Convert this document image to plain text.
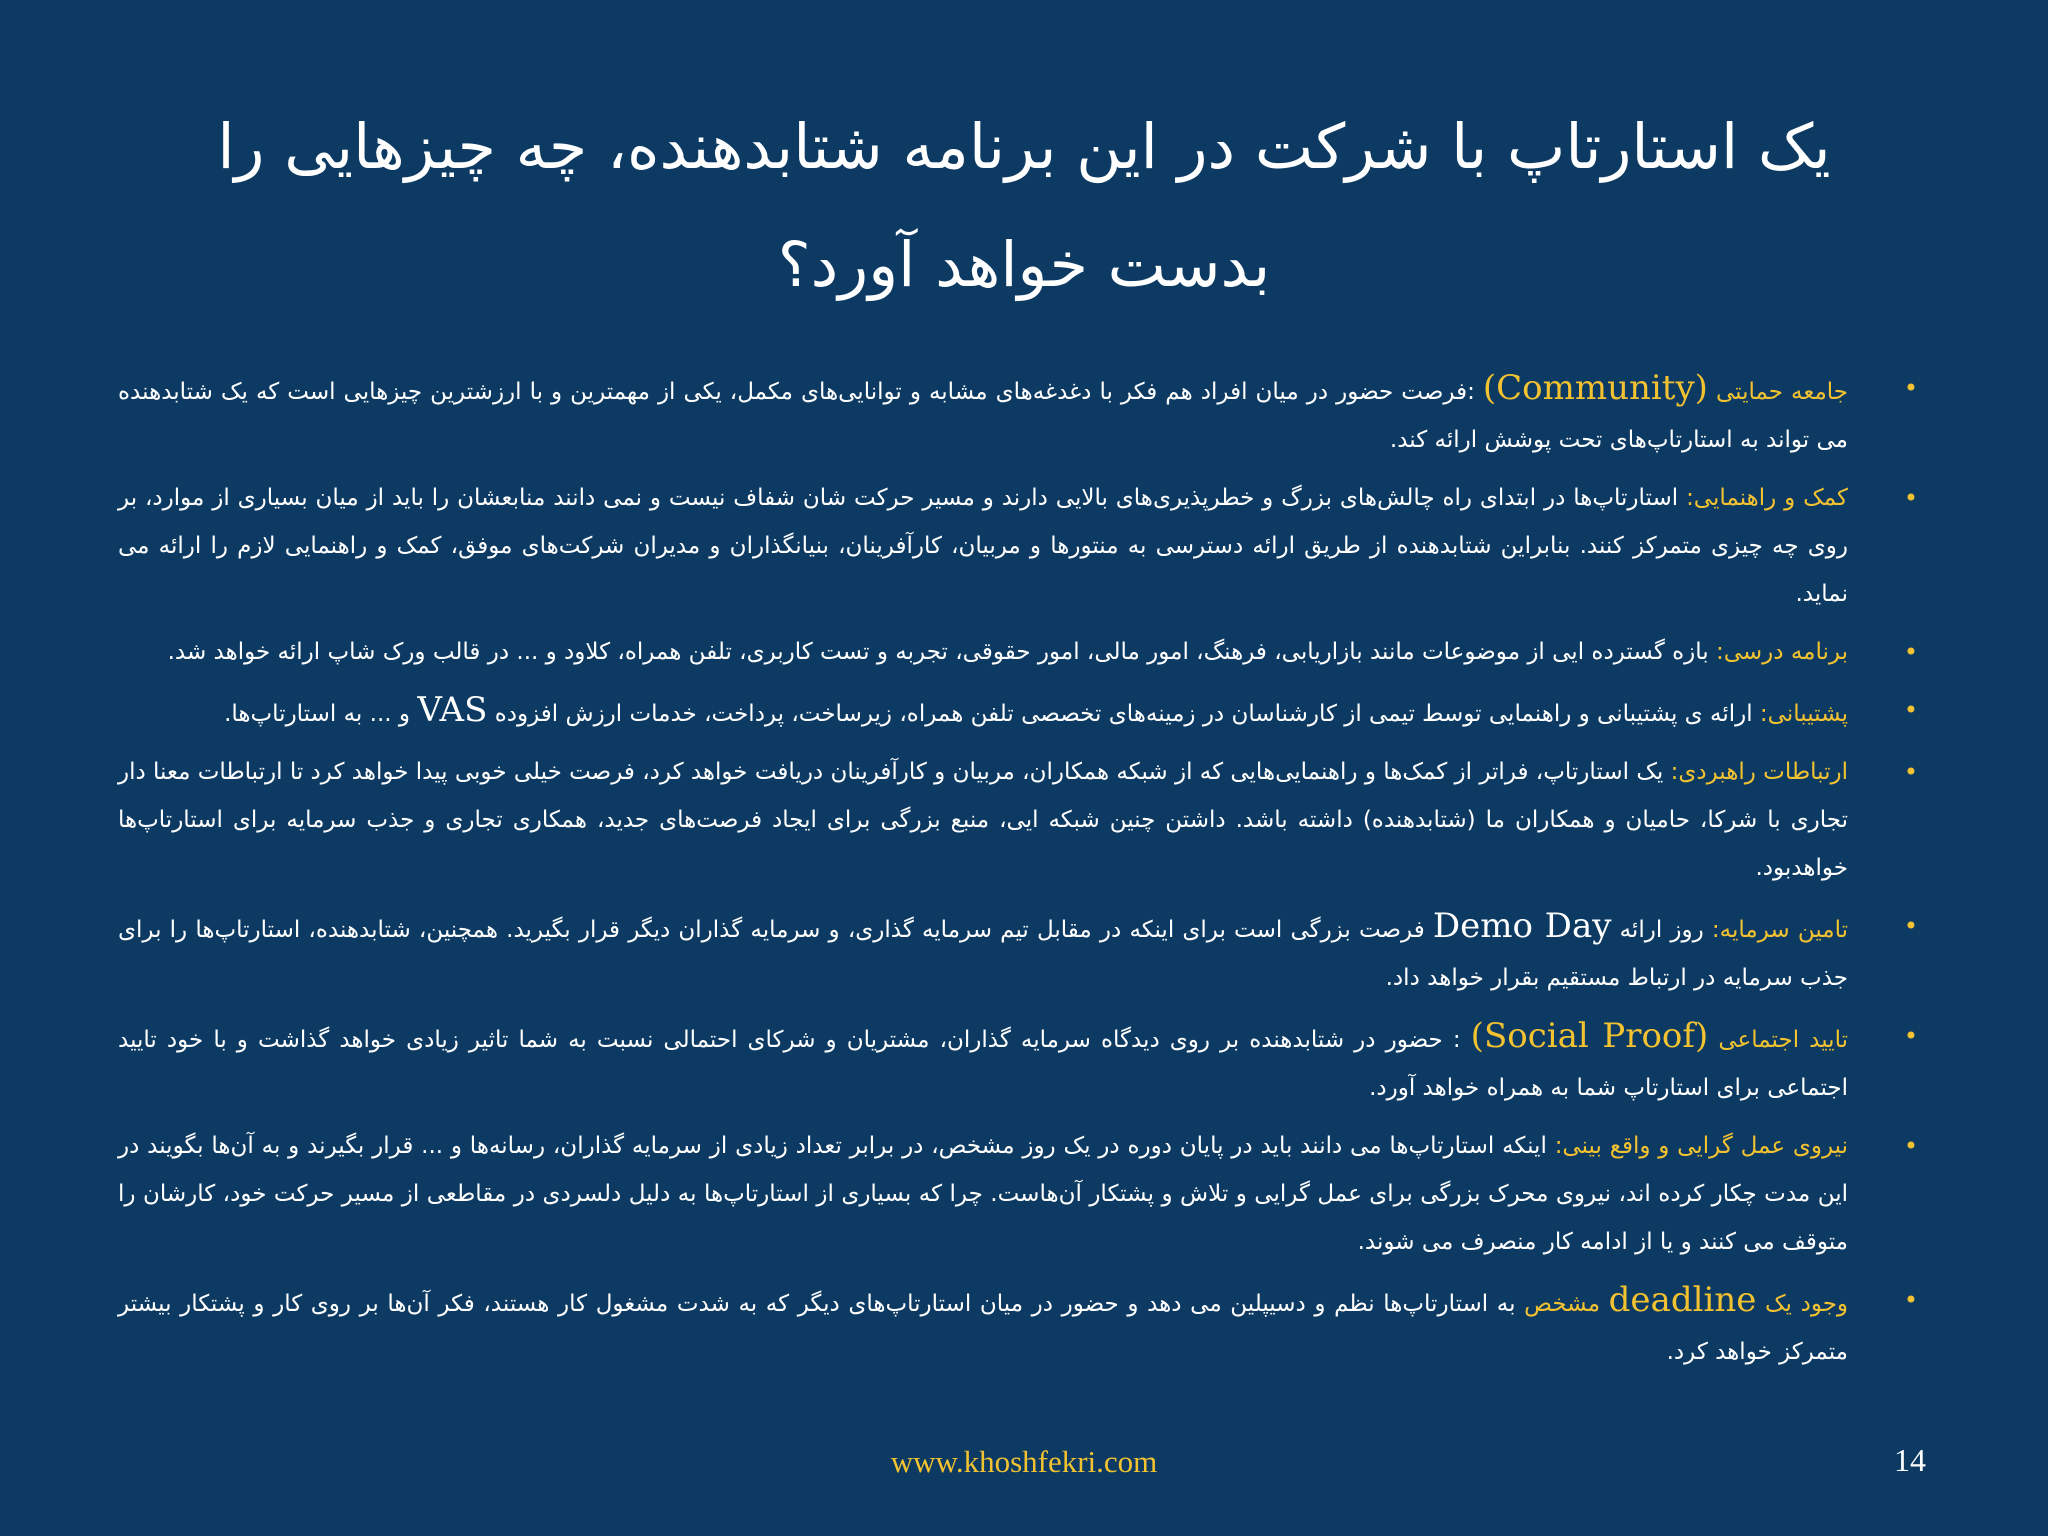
یک استارتاپ با شرکت در این برنامه شتابدهنده، چه چیزهایی را بدست خواهد آورد؟
•
جامعه حمایتی (Community) :فرصت حضور در میان افراد هم فکر با دغدغه‌های مشابه و توانایی‌های مکمل، یکی از مهمترین و با ارزشترین چیزهایی است که یک شتابدهنده می تواند به استارتاپ‌های تحت پوشش ارائه کند.
•
کمک و راهنمایی: استارتاپ‌ها در ابتدای راه چالش‌های بزرگ و خطرپذیری‌های بالایی دارند و مسیر حرکت شان شفاف نیست و نمی دانند منابعشان را باید از میان بسیاری از موارد، بر روی چه چیزی متمرکز کنند. بنابراین شتابدهنده از طریق ارائه دسترسی به منتورها و مربیان، کارآفرینان، بنیانگذاران و مدیران شرکت‌های موفق، کمک و راهنمایی لازم را ارائه می نماید.
•
برنامه درسی: بازه گسترده ایی از موضوعات مانند بازاریابی، فرهنگ، امور مالی، امور حقوقی، تجربه و تست کاربری، تلفن همراه، کلاود و ... در قالب ورک شاپ ارائه خواهد شد.
•
پشتیبانی: ارائه ی پشتیبانی و راهنمایی توسط تیمی از کارشناسان در زمینه‌های تخصصی تلفن همراه، زیرساخت، پرداخت، خدمات ارزش افزوده VAS و ... به استارتاپ‌ها.
•
ارتباطات راهبردی: یک استارتاپ، فراتر از کمک‌ها و راهنمایی‌هایی که از شبکه همکاران، مربیان و کارآفرینان دریافت خواهد کرد، فرصت خیلی خوبی پیدا خواهد کرد تا ارتباطات معنا دار تجاری با شرکا، حامیان و همکاران ما (شتابدهنده) داشته باشد. داشتن چنین شبکه ایی، منبع بزرگی برای ایجاد فرصت‌های جدید، همکاری تجاری و جذب سرمایه برای استارتاپ‌ها خواهدبود.
•
تامین سرمایه: روز ارائه Demo Day فرصت بزرگی است برای اینکه در مقابل تیم سرمایه گذاری، و سرمایه گذاران دیگر قرار بگیرید. همچنین، شتابدهنده، استارتاپ‌ها را برای جذب سرمایه در ارتباط مستقیم بقرار خواهد داد.
•
تایید اجتماعی (Social Proof) : حضور در شتابدهنده بر روی دیدگاه سرمایه گذاران، مشتریان و شرکای احتمالی نسبت به شما تاثیر زیادی خواهد گذاشت و با خود تایید اجتماعی برای استارتاپ شما به همراه خواهد آورد.
•
نیروی عمل گرایی و واقع بینی: اینکه استارتاپ‌ها می دانند باید در پایان دوره در یک روز مشخص، در برابر تعداد زیادی از سرمایه گذاران، رسانه‌ها و ... قرار بگیرند و به آن‌ها بگویند در این مدت چکار کرده اند، نیروی محرک بزرگی برای عمل گرایی و تلاش و پشتکار آن‌هاست. چرا که بسیاری از استارتاپ‌ها به دلیل دلسردی در مقاطعی از مسیر حرکت خود، کارشان را متوقف می کنند و یا از ادامه کار منصرف می شوند.
•
وجود یک deadline مشخص به استارتاپ‌ها نظم و دسیپلین می دهد و حضور در میان استارتاپ‌های دیگر که به شدت مشغول کار هستند، فکر آن‌ها بر روی کار و پشتکار بیشتر متمرکز خواهد کرد.
www.khoshfekri.com	14
